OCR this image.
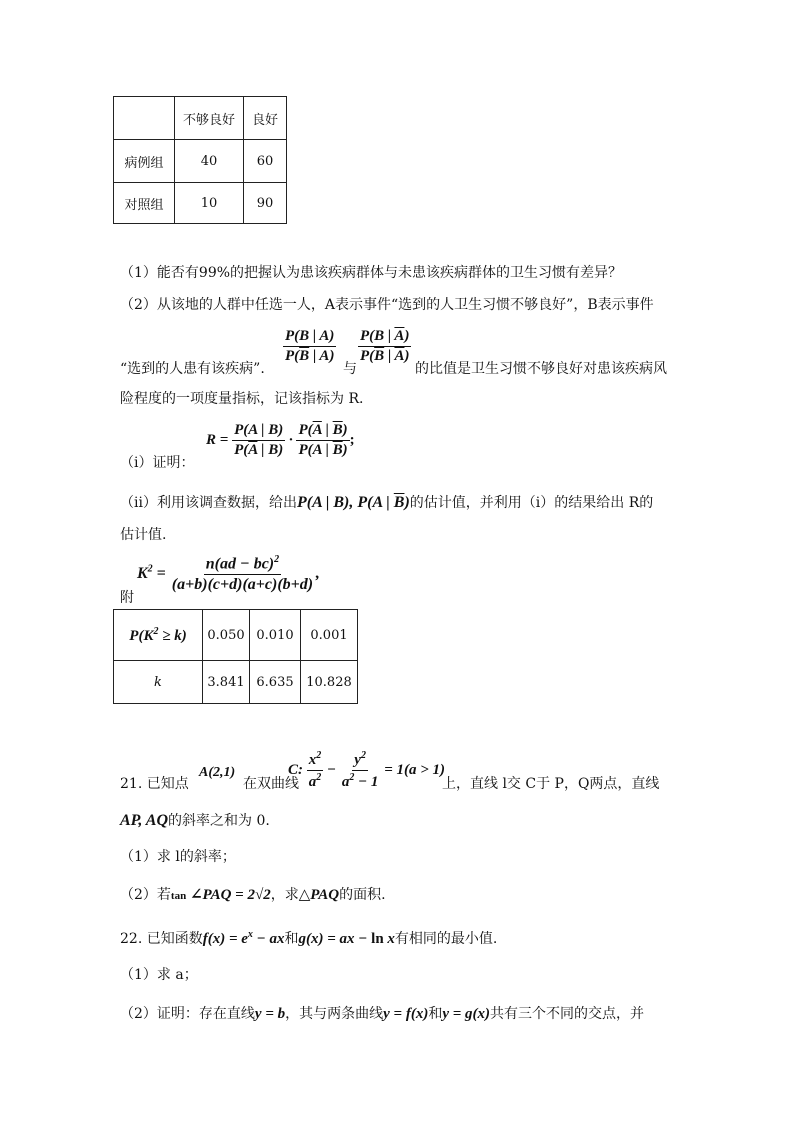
	不够良好	良好
病例组	40	60
对照组	10	90
（1）能否有99%的把握认为患该疾病群体与未患该疾病群体的卫生习惯有差异？
（2）从该地的人群中任选一人，A表示事件“选到的人卫生习惯不够良好”，B表示事件
$\frac{P(B | A)}{P(\overline{B} | A)}$
“选到的人患有该疾病”.	与
$\frac{P(B | \overline{A})}{P(\overline{B} | \overline{A})}$
的比值是卫生习惯不够良好对患该疾病风
险程度的一项度量指标，记该指标为 R.
$R = \frac{P(A | B)}{P(\overline{A} | B)} \cdot \frac{P(\overline{A} | \overline{B})}{P(A | \overline{B})}$ ;
（ⅰ）证明：
（ⅱ）利用该调查数据，给出P(A | B), P(A | $\overline{B}$)的估计值，并利用（ⅰ）的结果给出 R的
估计值.
$K^2 = \frac{n(ad - bc)^2}{(a+b)(c+d)(a+c)(b+d)}$ ,
附
$P(K^2 \ge k)$	0.050	0.010	0.001
k	3.841	6.635	10.828
21. 已知点
A(2,1)
在双曲线
C: $\frac{x^2}{a^2} - \frac{y^2}{a^2 - 1} = 1(a > 1)$
上，直线 l交 C于 P，Q两点，直线
AP, AQ的斜率之和为 0.
（1）求 l的斜率；
（2）若tan ∠PAQ = 2√2，求△PAQ的面积.
22. 已知函数$f(x) = e^x$ − ax和g(x) = ax − ln x有相同的最小值.
（1）求 a；
（2）证明：存在直线y = b，其与两条曲线y = f(x)和y = g(x)共有三个不同的交点，并
